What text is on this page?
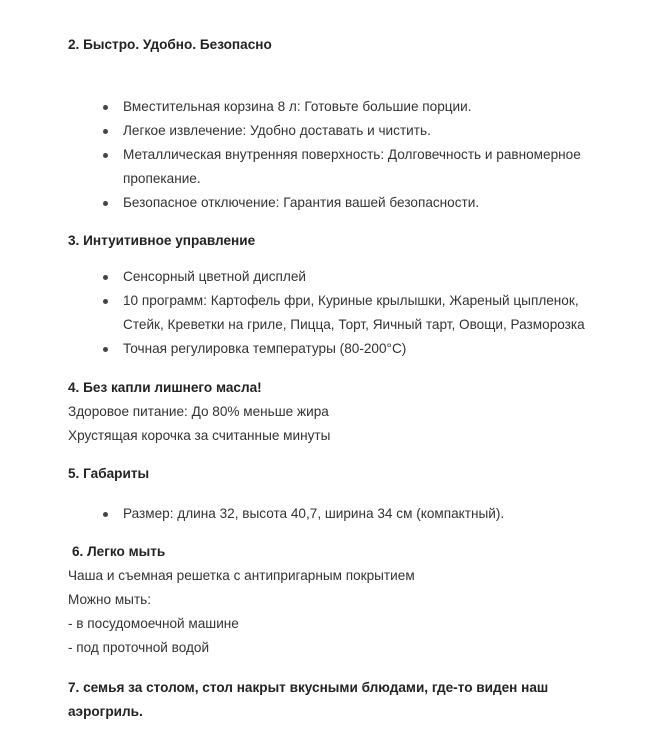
2. Быстро. Удобно. Безопасно

Вместительная корзина 8 л: Готовьте большие порции.
Легкое извлечение: Удобно доставать и чистить.
Металлическая внутренняя поверхность: Долговечность и равномерное пропекание.
Безопасное отключение: Гарантия вашей безопасности.

3. Интуитивное управление

Сенсорный цветной дисплей
10 программ: Картофель фри, Куриные крылышки, Жареный цыпленок, Стейк, Креветки на гриле, Пицца, Торт, Яичный тарт, Овощи, Разморозка
Точная регулировка температуры (80-200°C)

4. Без капли лишнего масла!

Здоровое питание: До 80% меньше жира

Хрустящая корочка за считанные минуты

5. Габариты

Размер: длина 32, высота 40,7, ширина 34 см (компактный).

6. Легко мыть

Чаша и съемная решетка с антипригарным покрытием

Можно мыть:

- в посудомоечной машине

- под проточной водой

7. семья за столом, стол накрыт вкусными блюдами, где-то виден наш аэрогриль.
